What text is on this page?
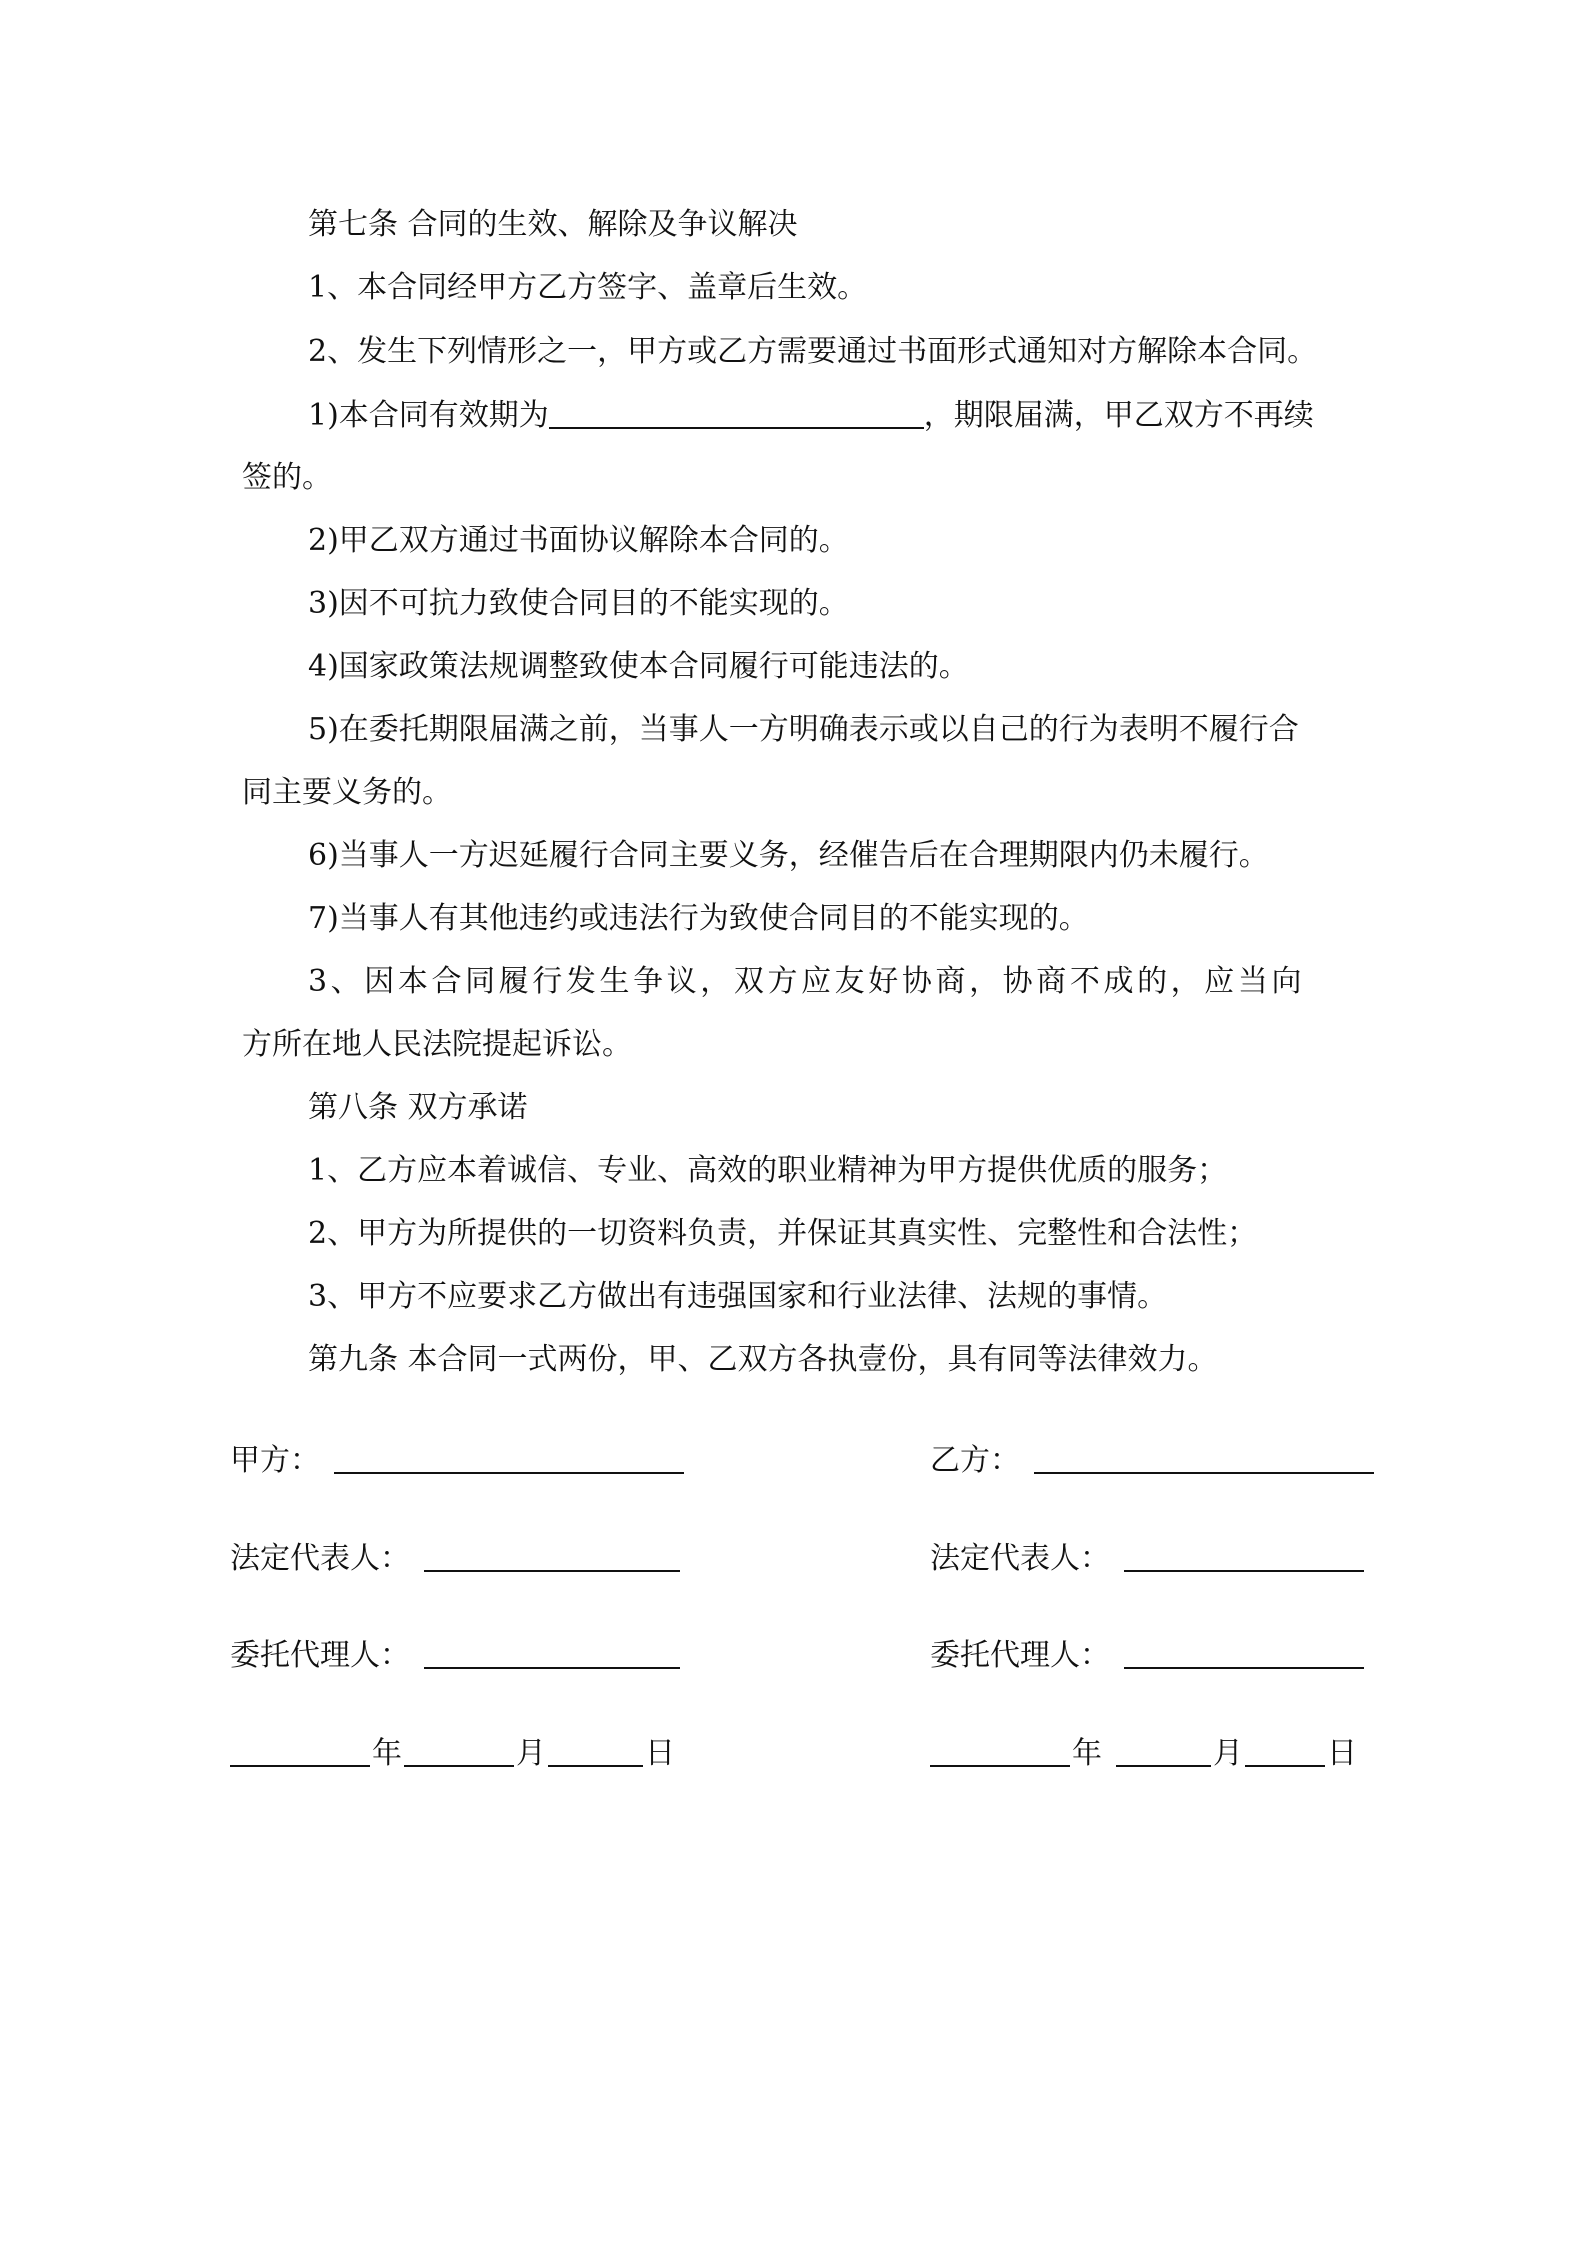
第七条 合同的生效、解除及争议解决
1、本合同经甲方乙方签字、盖章后生效。
2、发生下列情形之一，甲方或乙方需要通过书面形式通知对方解除本合同。
1)本合同有效期为	，期限届满，甲乙双方不再续
签的。
2)甲乙双方通过书面协议解除本合同的。
3)因不可抗力致使合同目的不能实现的。
4)国家政策法规调整致使本合同履行可能违法的。
5)在委托期限届满之前，当事人一方明确表示或以自己的行为表明不履行合
同主要义务的。
6)当事人一方迟延履行合同主要义务，经催告后在合理期限内仍未履行。
7)当事人有其他违约或违法行为致使合同目的不能实现的。
3、因本合同履行发生争议，双方应友好协商，协商不成的，应当向
方所在地人民法院提起诉讼。
第八条 双方承诺
1、乙方应本着诚信、专业、高效的职业精神为甲方提供优质的服务；
2、甲方为所提供的一切资料负责，并保证其真实性、完整性和合法性；
3、甲方不应要求乙方做出有违强国家和行业法律、法规的事情。
第九条 本合同一式两份，甲、乙双方各执壹份，具有同等法律效力。
甲方：
法定代表人：
委托代理人：
年	月	日
乙方：
法定代表人：
委托代理人：
年	月	日
